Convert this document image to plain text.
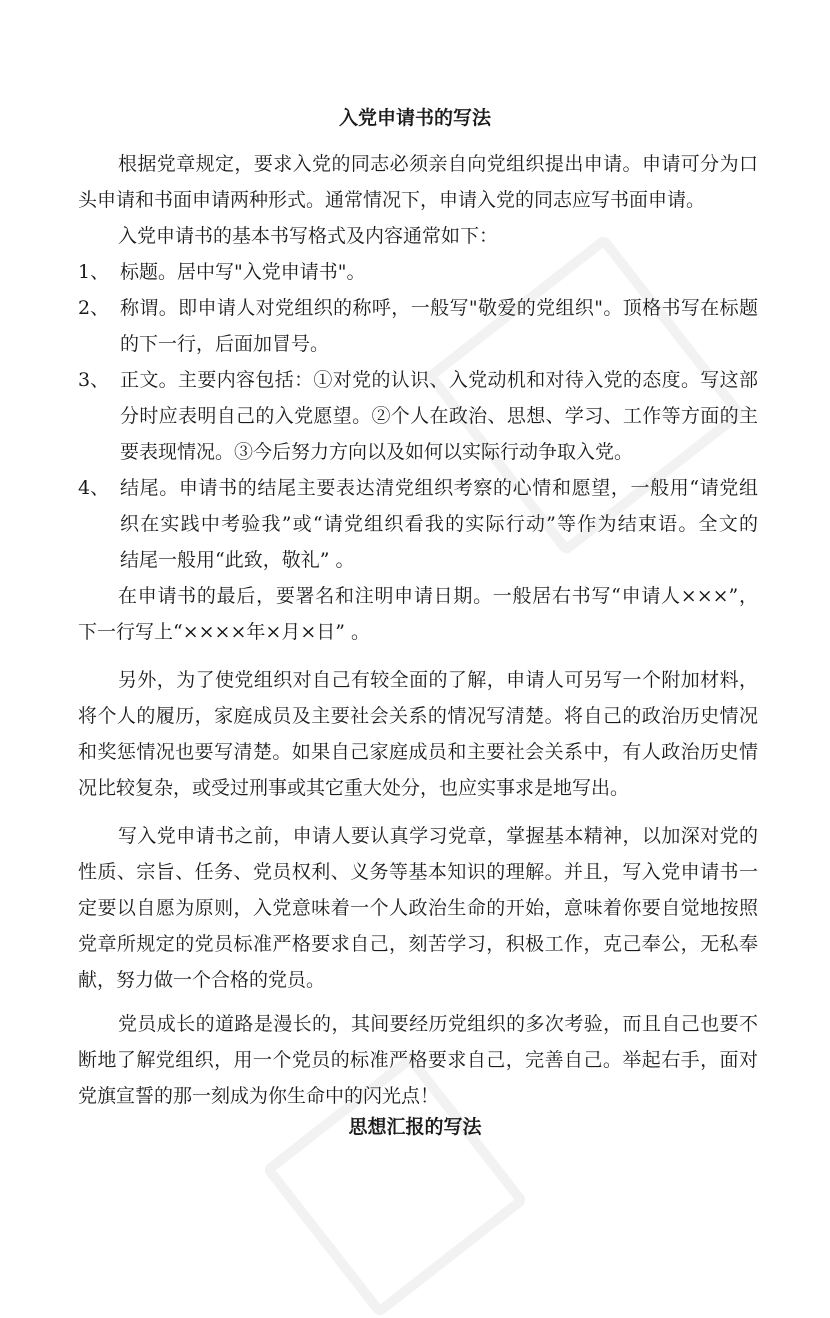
入党申请书的写法
根据党章规定，要求入党的同志必须亲自向党组织提出申请。申请可分为口
头申请和书面申请两种形式。通常情况下，申请入党的同志应写书面申请。
入党申请书的基本书写格式及内容通常如下：
1、 标题。居中写"入党申请书"。
2、 称谓。即申请人对党组织的称呼，一般写"敬爱的党组织"。顶格书写在标题
的下一行，后面加冒号。
3、 正文。主要内容包括：①对党的认识、入党动机和对待入党的态度。写这部
分时应表明自己的入党愿望。②个人在政治、思想、学习、工作等方面的主
要表现情况。③今后努力方向以及如何以实际行动争取入党。
4、 结尾。申请书的结尾主要表达清党组织考察的心情和愿望，一般用“请党组
织在实践中考验我”或“请党组织看我的实际行动”等作为结束语。全文的
结尾一般用“此致，敬礼” 。
在申请书的最后，要署名和注明申请日期。一般居右书写“申请人×××”，
下一行写上“××××年×月×日” 。
另外，为了使党组织对自己有较全面的了解，申请人可另写一个附加材料，
将个人的履历，家庭成员及主要社会关系的情况写清楚。将自己的政治历史情况
和奖惩情况也要写清楚。如果自己家庭成员和主要社会关系中，有人政治历史情
况比较复杂，或受过刑事或其它重大处分，也应实事求是地写出。
写入党申请书之前，申请人要认真学习党章，掌握基本精神，以加深对党的
性质、宗旨、任务、党员权利、义务等基本知识的理解。并且，写入党申请书一
定要以自愿为原则，入党意味着一个人政治生命的开始，意味着你要自觉地按照
党章所规定的党员标准严格要求自己，刻苦学习，积极工作，克己奉公，无私奉
献，努力做一个合格的党员。
党员成长的道路是漫长的，其间要经历党组织的多次考验，而且自己也要不
断地了解党组织，用一个党员的标准严格要求自己，完善自己。举起右手，面对
党旗宣誓的那一刻成为你生命中的闪光点！
思想汇报的写法
